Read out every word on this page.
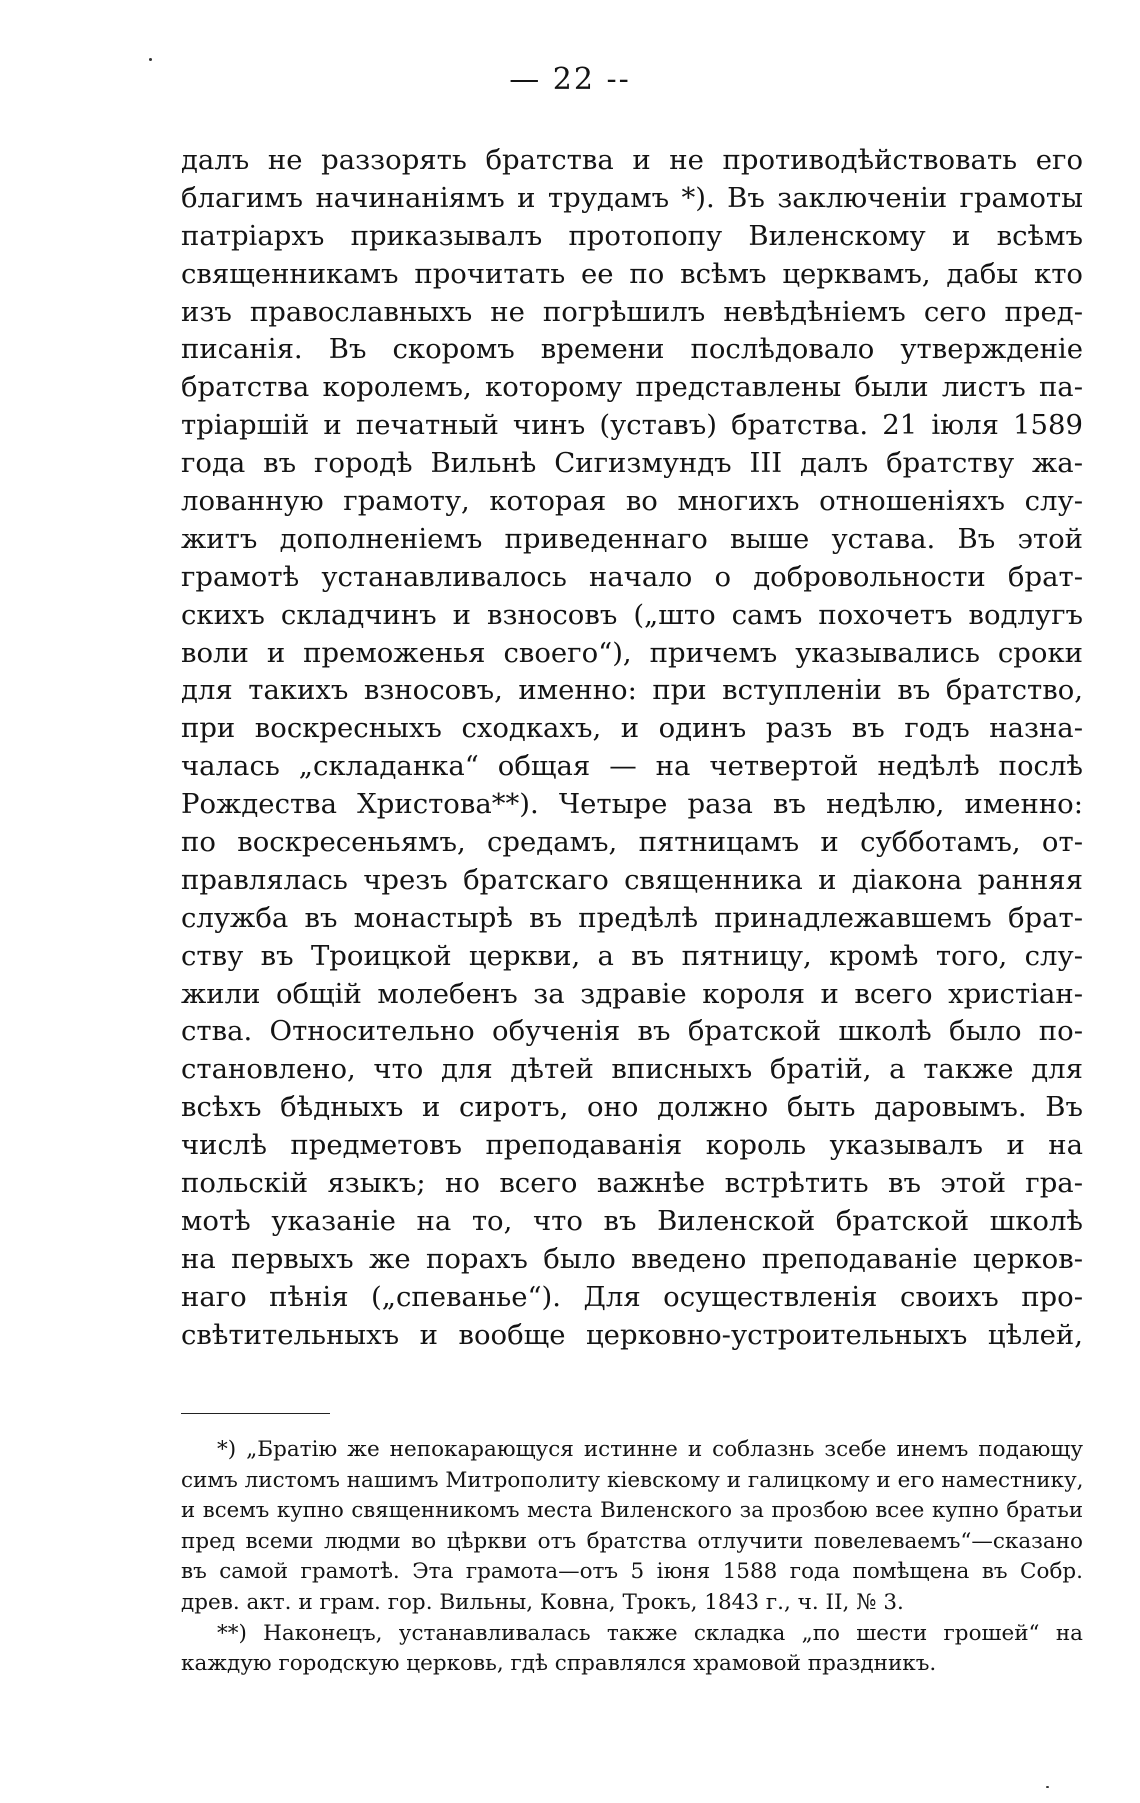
— 22 --
далъ не раззорять братства и не противодѣйствовать его
благимъ начинаніямъ и трудамъ *). Въ заключеніи грамоты
патріархъ приказывалъ протопопу Виленскому и всѣмъ
священникамъ прочитать ее по всѣмъ церквамъ, дабы кто
изъ православныхъ не погрѣшилъ невѣдѣніемъ сего пред-
писанія. Въ скоромъ времени послѣдовало утвержденіе
братства королемъ, которому представлены были листъ па-
тріаршій и печатный чинъ (уставъ) братства. 21 іюля 1589
года въ городѣ Вильнѣ Сигизмундъ III далъ братству жа-
лованную грамоту, которая во многихъ отношеніяхъ слу-
житъ дополненіемъ приведеннаго выше устава. Въ этой
грамотѣ устанавливалось начало о добровольности брат-
скихъ складчинъ и взносовъ („што самъ похочетъ водлугъ
воли и преможенья своего“), причемъ указывались сроки
для такихъ взносовъ, именно: при вступленіи въ братство,
при воскресныхъ сходкахъ, и одинъ разъ въ годъ назна-
чалась „складанка“ общая — на четвертой недѣлѣ послѣ
Рождества Христова**). Четыре раза въ недѣлю, именно:
по воскресеньямъ, средамъ, пятницамъ и субботамъ, от-
правлялась чрезъ братскаго священника и діакона ранняя
служба въ монастырѣ въ предѣлѣ принадлежавшемъ брат-
ству въ Троицкой церкви, а въ пятницу, кромѣ того, слу-
жили общій молебенъ за здравіе короля и всего христіан-
ства. Относительно обученія въ братской школѣ было по-
становлено, что для дѣтей вписныхъ братій, а также для
всѣхъ бѣдныхъ и сиротъ, оно должно быть даровымъ. Въ
числѣ предметовъ преподаванія король указывалъ и на
польскій языкъ; но всего важнѣе встрѣтить въ этой гра-
мотѣ указаніе на то, что въ Виленской братской школѣ
на первыхъ же порахъ было введено преподаваніе церков-
наго пѣнія („спеванье“). Для осуществленія своихъ про-
свѣтительныхъ и вообще церковно-устроительныхъ цѣлей,
*) „Братію же непокарающуся истинне и соблазнь зсебе инемъ подающу
симъ листомъ нашимъ Митрополиту кіевскому и галицкому и его наместнику,
и всемъ купно священникомъ места Виленского за прозбою всее купно братьи
пред всеми людми во цѣркви отъ братства отлучити повелеваемъ“—сказано
въ самой грамотѣ. Эта грамота—отъ 5 іюня 1588 года помѣщена въ Собр.
древ. акт. и грам. гор. Вильны, Ковна, Трокъ, 1843 г., ч. II, № 3.
**) Наконецъ, устанавливалась также складка „по шести грошей“ на
каждую городскую церковь, гдѣ справлялся храмовой праздникъ.
